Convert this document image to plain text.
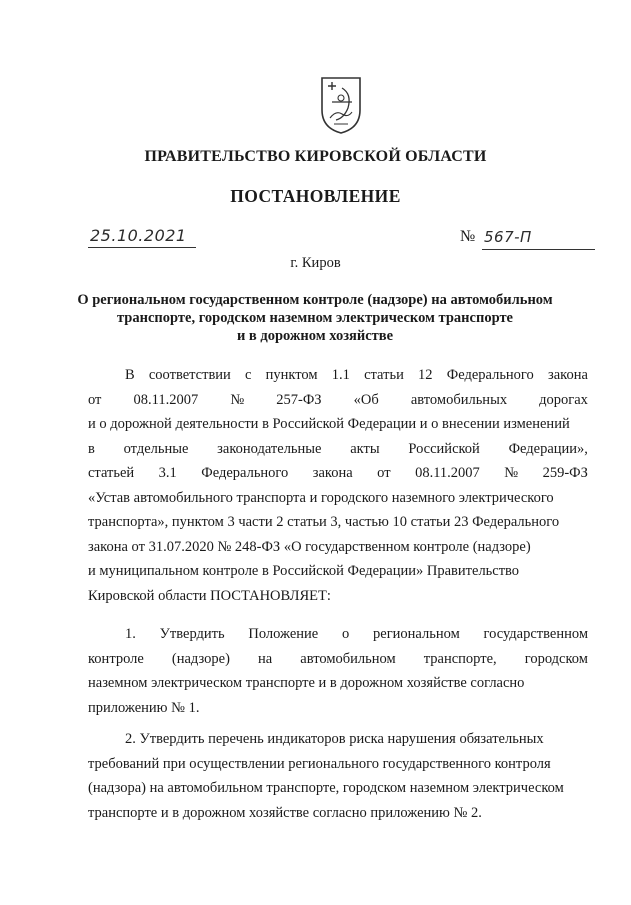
ПРАВИТЕЛЬСТВО КИРОВСКОЙ ОБЛАСТИ
ПОСТАНОВЛЕНИЕ
25.10.2021	№ 567-П
г. Киров
О региональном государственном контроле (надзоре) на автомобильном
транспорте, городском наземном электрическом транспорте
и в дорожном хозяйстве
В соответствии с пунктом 1.1 статьи 12 Федерального закона
от 08.11.2007 № 257-ФЗ «Об автомобильных дорогах
и о дорожной деятельности в Российской Федерации и о внесении изменений
в отдельные законодательные акты Российской Федерации»,
статьей 3.1 Федерального закона от 08.11.2007 № 259-ФЗ
«Устав автомобильного транспорта и городского наземного электрического
транспорта», пунктом 3 части 2 статьи 3, частью 10 статьи 23 Федерального
закона от 31.07.2020 № 248-ФЗ «О государственном контроле (надзоре)
и муниципальном контроле в Российской Федерации» Правительство
Кировской области ПОСТАНОВЛЯЕТ:
1. Утвердить Положение о региональном государственном
контроле (надзоре) на автомобильном транспорте, городском
наземном электрическом транспорте и в дорожном хозяйстве согласно
приложению № 1.
2. Утвердить перечень индикаторов риска нарушения обязательных
требований при осуществлении регионального государственного контроля
(надзора) на автомобильном транспорте, городском наземном электрическом
транспорте и в дорожном хозяйстве согласно приложению № 2.
